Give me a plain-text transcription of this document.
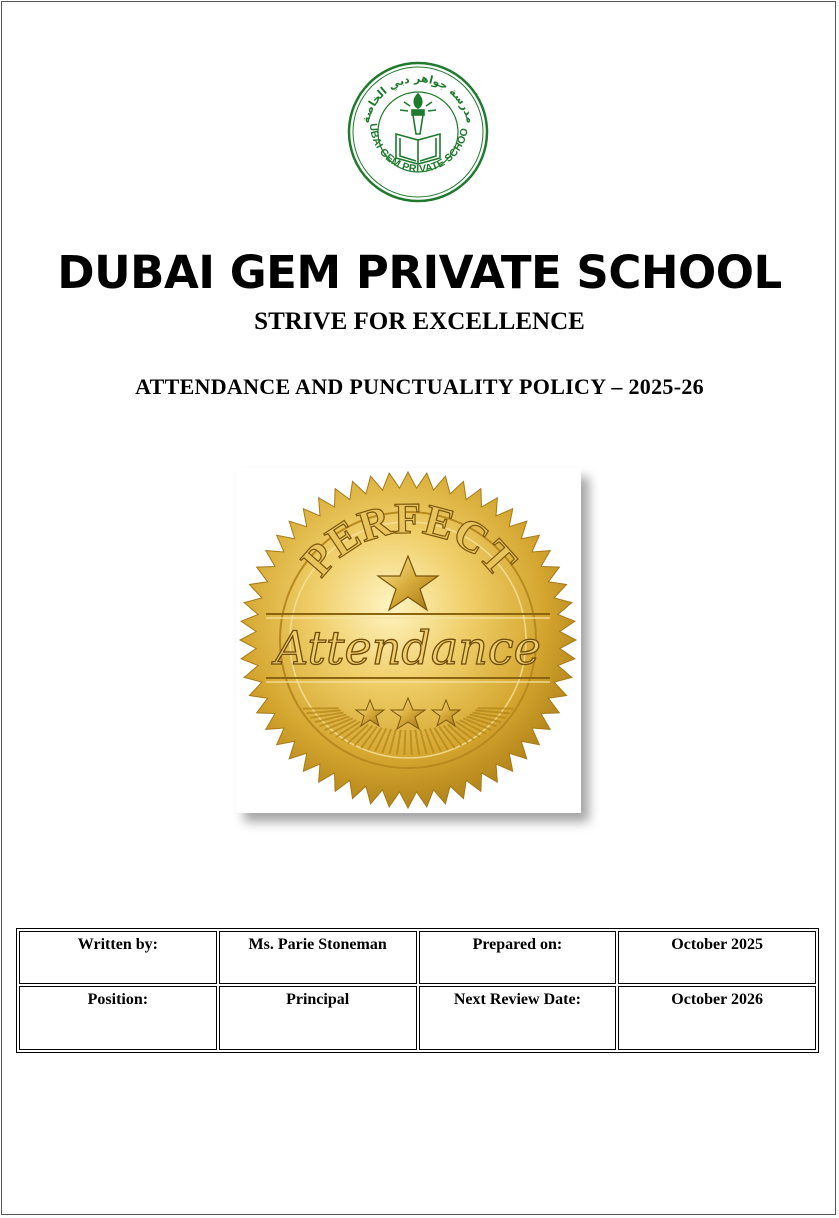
مدرسة جواهر دبي الخاصة
UBAI GEM PRIVATE SCHOO
DUBAI GEM PRIVATE SCHOOL
STRIVE FOR EXCELLENCE
ATTENDANCE AND PUNCTUALITY POLICY – 2025-26
PERFECT
Attendance
Written by:	Ms. Parie Stoneman	Prepared on:	October 2025
Position:	Principal	Next Review Date:	October 2026
